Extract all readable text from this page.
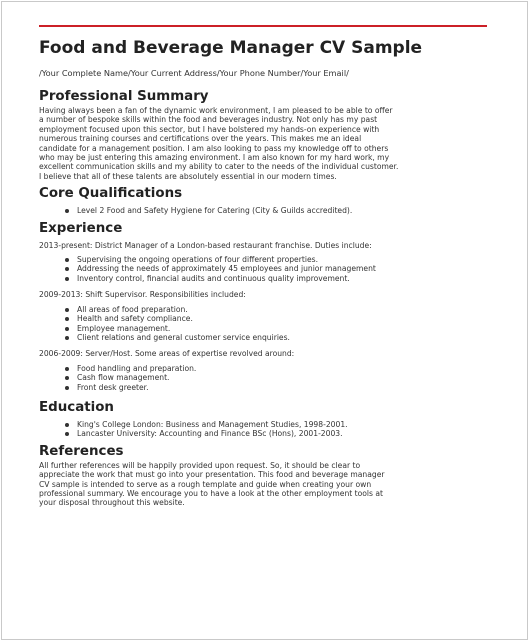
Food and Beverage Manager CV Sample
/Your Complete Name/Your Current Address/Your Phone Number/Your Email/
Professional Summary

Having always been a fan of the dynamic work environment, I am pleased to be able to offer

a number of bespoke skills within the food and beverages industry. Not only has my past

employment focused upon this sector, but I have bolstered my hands-on experience with

numerous training courses and certifications over the years. This makes me an ideal

candidate for a management position. I am also looking to pass my knowledge off to others

who may be just entering this amazing environment. I am also known for my hard work, my

excellent communication skills and my ability to cater to the needs of the individual customer.

I believe that all of these talents are absolutely essential in our modern times.

Core Qualifications
Level 2 Food and Safety Hygiene for Catering (City & Guilds accredited).
Experience

2013-present: District Manager of a London-based restaurant franchise. Duties include:

Supervising the ongoing operations of four different properties.
Addressing the needs of approximately 45 employees and junior management
Inventory control, financial audits and continuous quality improvement.

2009-2013: Shift Supervisor. Responsibilities included:

All areas of food preparation.
Health and safety compliance.
Employee management.
Client relations and general customer service enquiries.

2006-2009: Server/Host. Some areas of expertise revolved around:

Food handling and preparation.
Cash flow management.
Front desk greeter.
Education
King's College London: Business and Management Studies, 1998-2001.
Lancaster University: Accounting and Finance BSc (Hons), 2001-2003.
References

All further references will be happily provided upon request. So, it should be clear to

appreciate the work that must go into your presentation. This food and beverage manager

CV sample is intended to serve as a rough template and guide when creating your own

professional summary. We encourage you to have a look at the other employment tools at

your disposal throughout this website.
